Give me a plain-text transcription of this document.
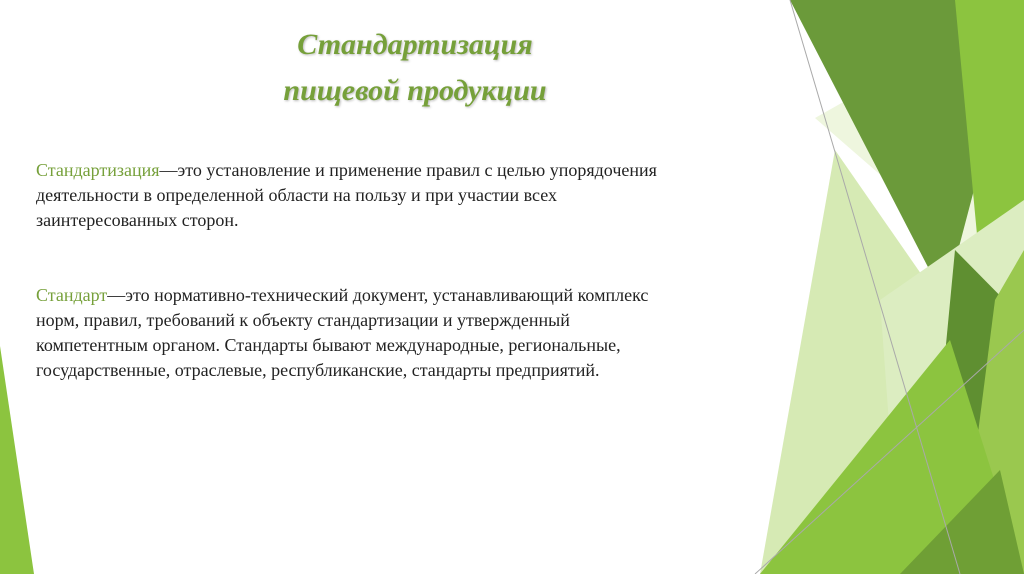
Стандартизация
пищевой продукции

Стандартизация—это установление и применение правил с целью упорядочения
деятельности в определенной области на пользу и при участии всех
заинтересованных сторон.

Стандарт—это нормативно-технический документ, устанавливающий комплекс
норм, правил, требований к объекту стандартизации и утвержденный
компетентным органом. Стандарты бывают международные, региональные,
государственные, отраслевые, республиканские, стандарты предприятий.
